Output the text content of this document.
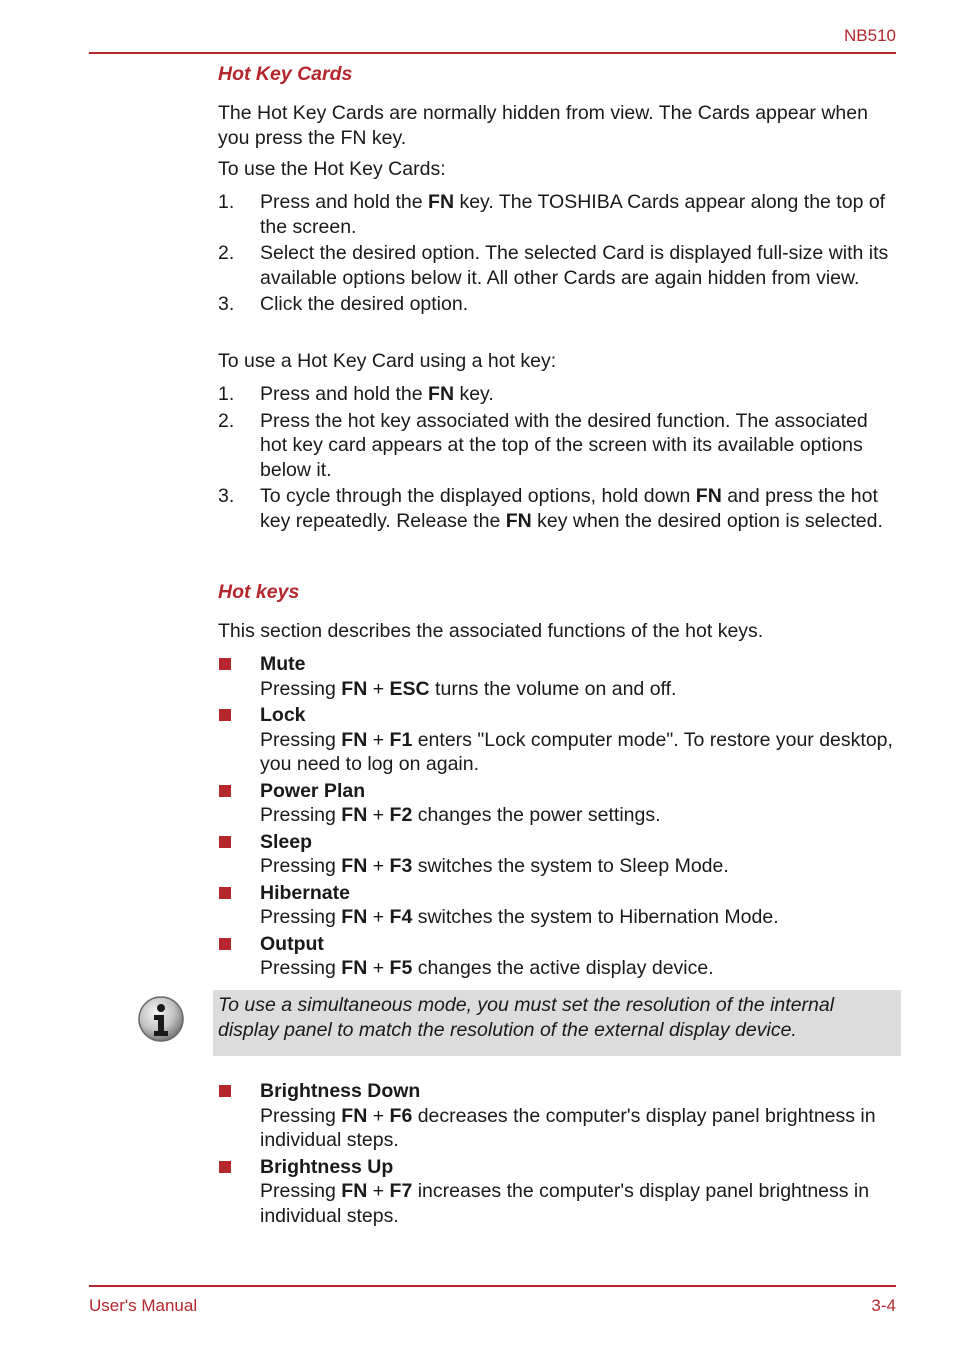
NB510
Hot Key Cards
The Hot Key Cards are normally hidden from view. The Cards appear when you press the FN key.
To use the Hot Key Cards:
1.	Press and hold the FN key. The TOSHIBA Cards appear along the top of the screen.
2.	Select the desired option. The selected Card is displayed full-size with its available options below it. All other Cards are again hidden from view.
3.	Click the desired option.
To use a Hot Key Card using a hot key:
1.	Press and hold the FN key.
2.	Press the hot key associated with the desired function. The associated hot key card appears at the top of the screen with its available options below it.
3.	To cycle through the displayed options, hold down FN and press the hot key repeatedly. Release the FN key when the desired option is selected.
Hot keys
This section describes the associated functions of the hot keys.
Mute
Pressing FN + ESC turns the volume on and off.
Lock
Pressing FN + F1 enters "Lock computer mode". To restore your desktop, you need to log on again.
Power Plan
Pressing FN + F2 changes the power settings.
Sleep
Pressing FN + F3 switches the system to Sleep Mode.
Hibernate
Pressing FN + F4 switches the system to Hibernation Mode.
Output
Pressing FN + F5 changes the active display device.
To use a simultaneous mode, you must set the resolution of the internal display panel to match the resolution of the external display device.
Brightness Down
Pressing FN + F6 decreases the computer's display panel brightness in individual steps.
Brightness Up
Pressing FN + F7 increases the computer's display panel brightness in individual steps.
User's Manual	3-4
